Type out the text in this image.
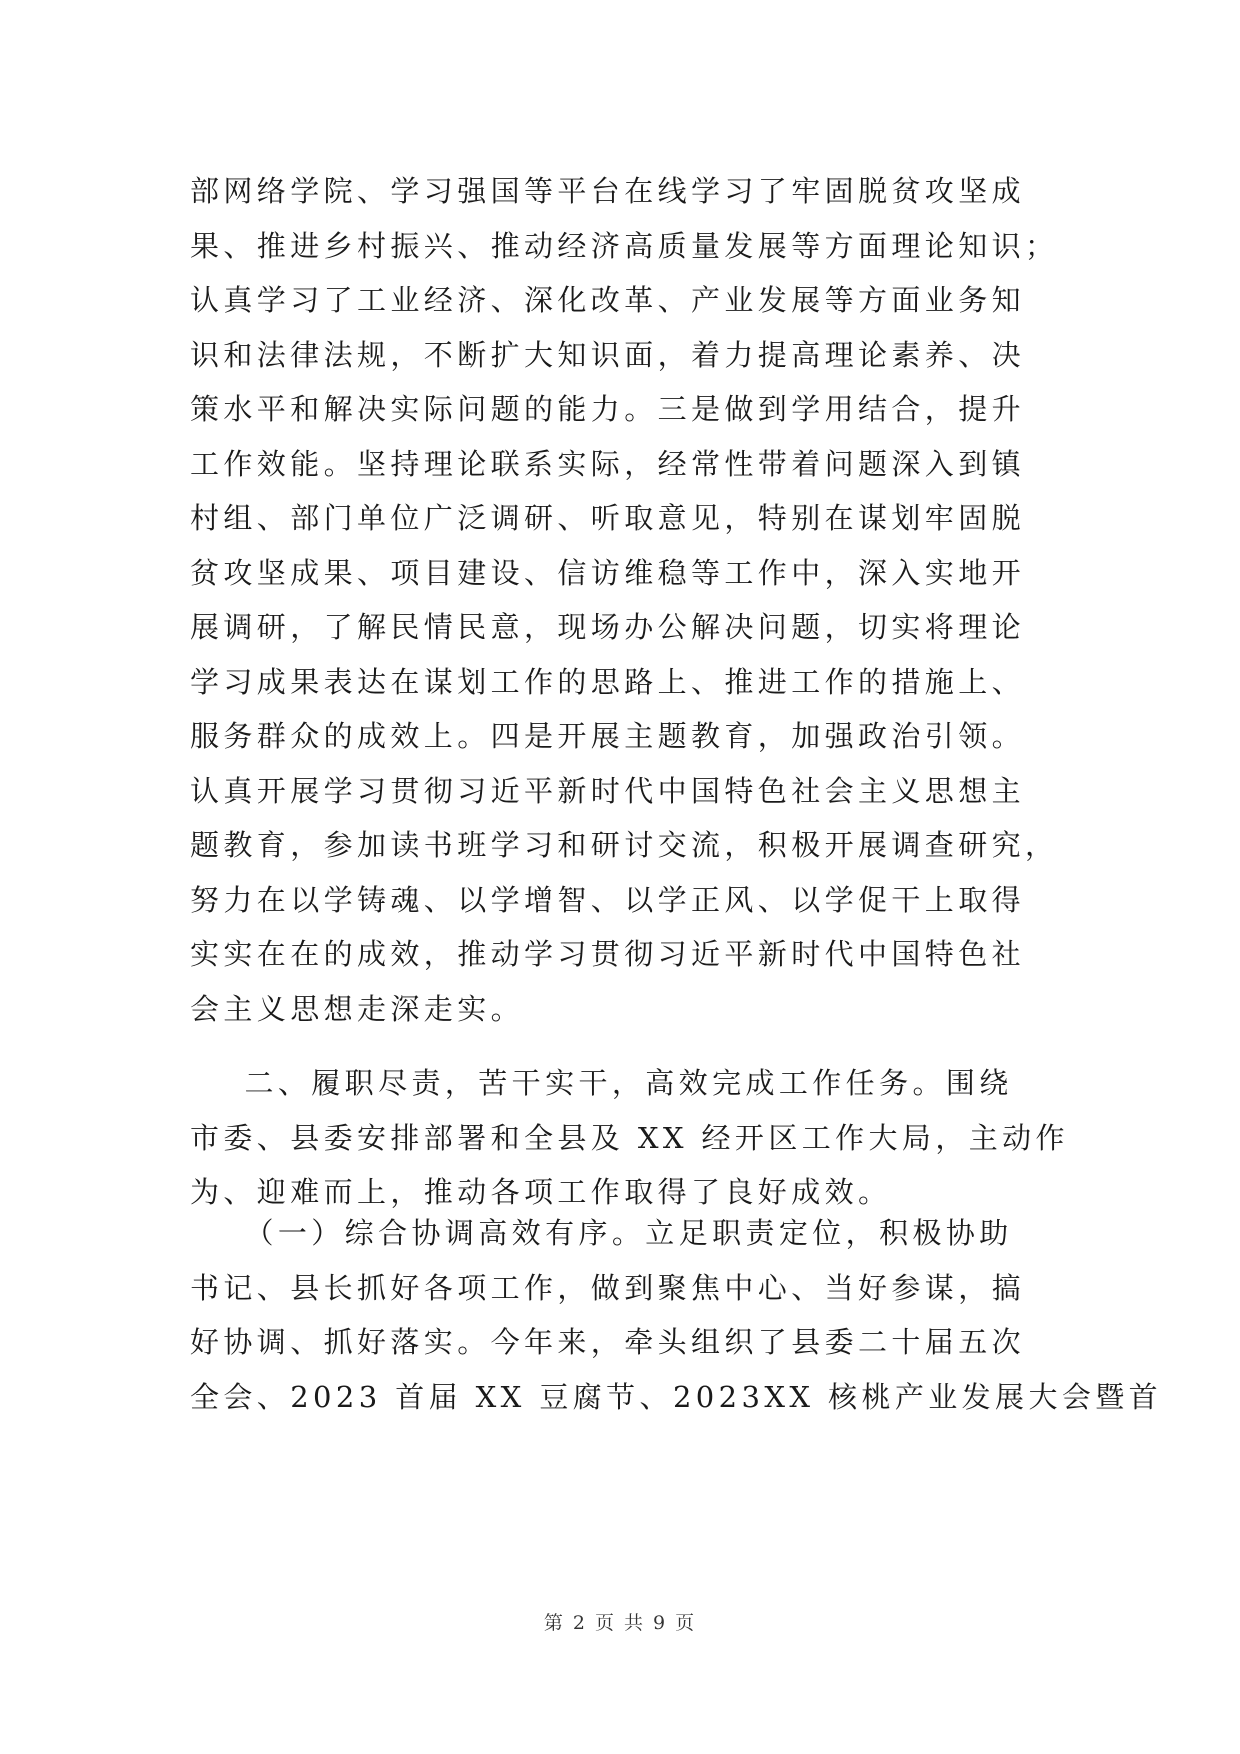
部网络学院、学习强国等平台在线学习了牢固脱贫攻坚成
果、推进乡村振兴、推动经济高质量发展等方面理论知识；
认真学习了工业经济、深化改革、产业发展等方面业务知
识和法律法规，不断扩大知识面，着力提高理论素养、决
策水平和解决实际问题的能力。三是做到学用结合，提升
工作效能。坚持理论联系实际，经常性带着问题深入到镇
村组、部门单位广泛调研、听取意见，特别在谋划牢固脱
贫攻坚成果、项目建设、信访维稳等工作中，深入实地开
展调研，了解民情民意，现场办公解决问题，切实将理论
学习成果表达在谋划工作的思路上、推进工作的措施上、
服务群众的成效上。四是开展主题教育，加强政治引领。
认真开展学习贯彻习近平新时代中国特色社会主义思想主
题教育，参加读书班学习和研讨交流，积极开展调查研究，
努力在以学铸魂、以学增智、以学正风、以学促干上取得
实实在在的成效，推动学习贯彻习近平新时代中国特色社
会主义思想走深走实。
二、履职尽责，苦干实干，高效完成工作任务。围绕
市委、县委安排部署和全县及 XX 经开区工作大局，主动作
为、迎难而上，推动各项工作取得了良好成效。
（一）综合协调高效有序。立足职责定位，积极协助
书记、县长抓好各项工作，做到聚焦中心、当好参谋，搞
好协调、抓好落实。今年来，牵头组织了县委二十届五次
全会、2023 首届 XX 豆腐节、2023XX 核桃产业发展大会暨首
第 2 页 共 9 页
